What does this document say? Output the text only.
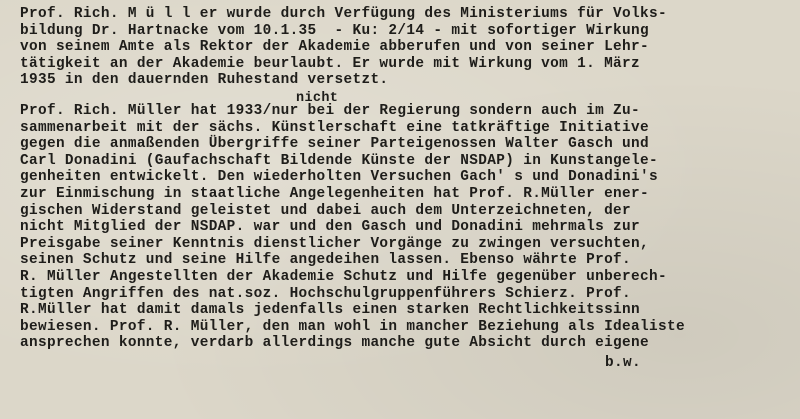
Prof. Rich. M ü l l er wurde durch Verfügung des Ministeriums für Volks-
bildung Dr. Hartnacke vom 10.1.35  - Ku: 2/14 - mit sofortiger Wirkung
von seinem Amte als Rektor der Akademie abberufen und von seiner Lehr-
tätigkeit an der Akademie beurlaubt. Er wurde mit Wirkung vom 1. März
1935 in den dauernden Ruhestand versetzt.
nicht
Prof. Rich. Müller hat 1933/nur bei der Regierung sondern auch im Zu-
sammenarbeit mit der sächs. Künstlerschaft eine tatkräftige Initiative
gegen die anmaßenden Übergriffe seiner Parteigenossen Walter Gasch und
Carl Donadini (Gaufachschaft Bildende Künste der NSDAP) in Kunstangele-
genheiten entwickelt. Den wiederholten Versuchen Gach' s und Donadini's
zur Einmischung in staatliche Angelegenheiten hat Prof. R.Müller ener-
gischen Widerstand geleistet und dabei auch dem Unterzeichneten, der
nicht Mitglied der NSDAP. war und den Gasch und Donadini mehrmals zur
Preisgabe seiner Kenntnis dienstlicher Vorgänge zu zwingen versuchten,
seinen Schutz und seine Hilfe angedeihen lassen. Ebenso währte Prof.
R. Müller Angestellten der Akademie Schutz und Hilfe gegenüber unberech-
tigten Angriffen des nat.soz. Hochschulgruppenführers Schierz. Prof.
R.Müller hat damit damals jedenfalls einen starken Rechtlichkeitssinn
bewiesen. Prof. R. Müller, den man wohl in mancher Beziehung als Idealiste
ansprechen konnte, verdarb allerdings manche gute Absicht durch eigene
b.w.
